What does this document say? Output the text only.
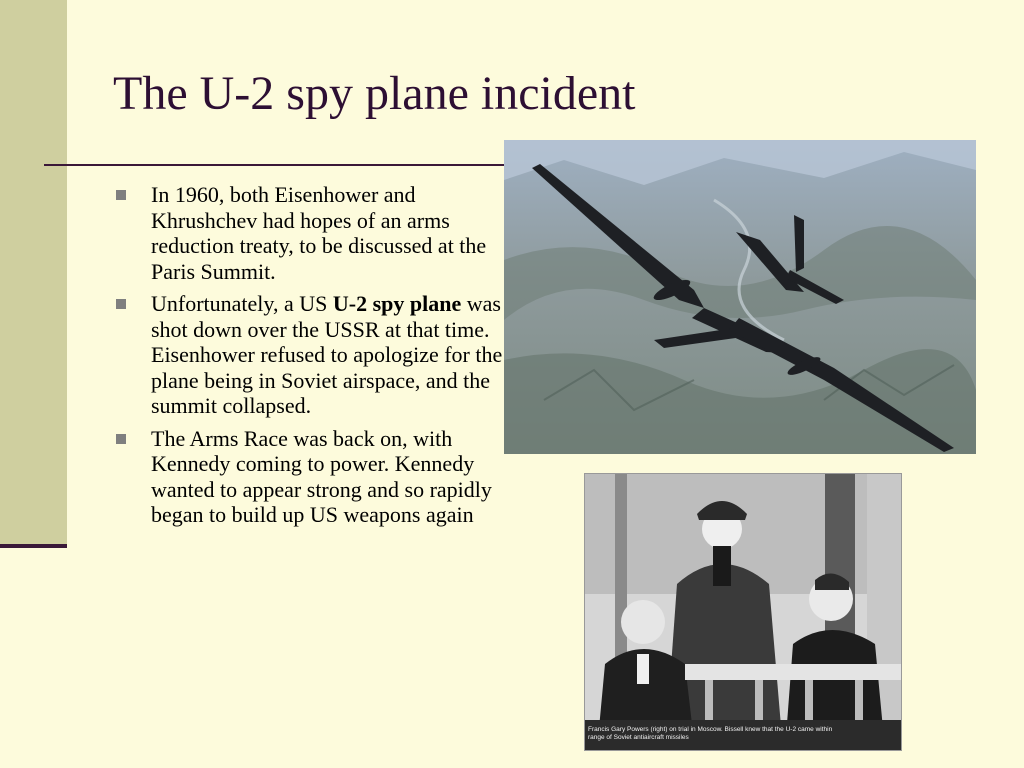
The U-2 spy plane incident
In 1960, both Eisenhower and Khrushchev had hopes of an arms reduction treaty, to be discussed at the Paris Summit.
Unfortunately, a US U-2 spy plane was shot down over the USSR at that time. Eisenhower refused to apologize for the plane being in Soviet airspace, and the summit collapsed.
The Arms Race was back on, with Kennedy coming to power. Kennedy wanted to appear strong and so rapidly began to build up US weapons again
Francis Gary Powers (right) on trial in Moscow. Bissell knew that the U-2 came within range of Soviet antiaircraft missiles
